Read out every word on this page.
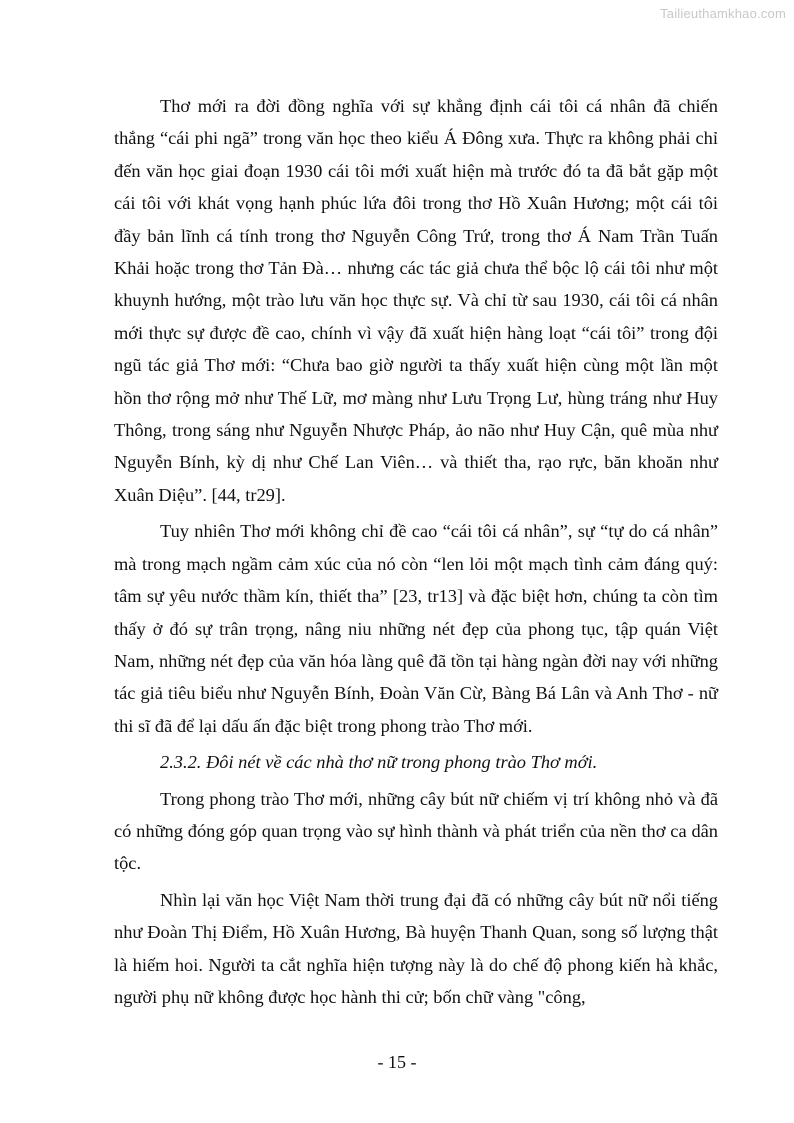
Tailieuthamkhao.com

Thơ mới ra đời đồng nghĩa với sự khẳng định cái tôi cá nhân đã chiến thắng “cái phi ngã” trong văn học theo kiểu Á Đông xưa. Thực ra không phải chỉ đến văn học giai đoạn 1930 cái tôi mới xuất hiện mà trước đó ta đã bắt gặp một cái tôi với khát vọng hạnh phúc lứa đôi trong thơ Hồ Xuân Hương; một cái tôi đầy bản lĩnh cá tính trong thơ Nguyễn Công Trứ, trong thơ Á Nam Trần Tuấn Khải hoặc trong thơ Tản Đà… nhưng các tác giả chưa thể bộc lộ cái tôi như một khuynh hướng, một trào lưu văn học thực sự. Và chỉ từ sau 1930, cái tôi cá nhân mới thực sự được đề cao, chính vì vậy đã xuất hiện hàng loạt “cái tôi” trong đội ngũ tác giả Thơ mới: “Chưa bao giờ người ta thấy xuất hiện cùng một lần một hồn thơ rộng mở như Thế Lữ, mơ màng như Lưu Trọng Lư, hùng tráng như Huy Thông, trong sáng như Nguyễn Nhược Pháp, ảo não như Huy Cận, quê mùa như Nguyễn Bính, kỳ dị như Chế Lan Viên… và thiết tha, rạo rực, băn khoăn như Xuân Diệu”. [44, tr29].

Tuy nhiên Thơ mới không chỉ đề cao “cái tôi cá nhân”, sự “tự do cá nhân” mà trong mạch ngầm cảm xúc của nó còn “len lỏi một mạch tình cảm đáng quý: tâm sự yêu nước thầm kín, thiết tha” [23, tr13] và đặc biệt hơn, chúng ta còn tìm thấy ở đó sự trân trọng, nâng niu những nét đẹp của phong tục, tập quán Việt Nam, những nét đẹp của văn hóa làng quê đã tồn tại hàng ngàn đời nay với những tác giả tiêu biểu như Nguyễn Bính, Đoàn Văn Cừ, Bàng Bá Lân và Anh Thơ - nữ thi sĩ đã để lại dấu ấn đặc biệt trong phong trào Thơ mới.

2.3.2. Đôi nét về các nhà thơ nữ trong phong trào Thơ mới.

Trong phong trào Thơ mới, những cây bút nữ chiếm vị trí không nhỏ và đã có những đóng góp quan trọng vào sự hình thành và phát triển của nền thơ ca dân tộc.

Nhìn lại văn học Việt Nam thời trung đại đã có những cây bút nữ nổi tiếng như Đoàn Thị Điểm, Hồ Xuân Hương, Bà huyện Thanh Quan, song số lượng thật là hiếm hoi. Người ta cắt nghĩa hiện tượng này là do chế độ phong kiến hà khắc, người phụ nữ không được học hành thi cử; bốn chữ vàng "công,

- 15 -
